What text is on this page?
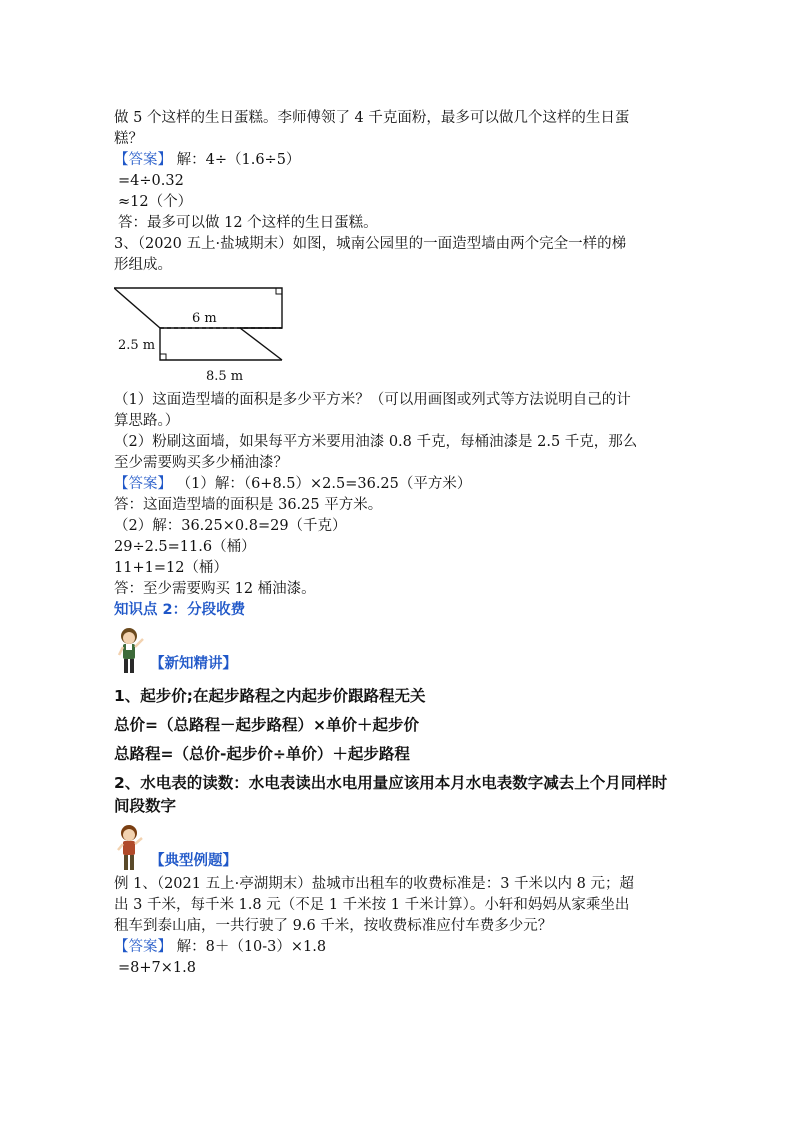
做 5 个这样的生日蛋糕。李师傅领了 4 千克面粉，最多可以做几个这样的生日蛋
糕？
【答案】 解：4÷（1.6÷5）
=4÷0.32
≈12（个）
答：最多可以做 12 个这样的生日蛋糕。
3、（2020 五上·盐城期末）如图，城南公园里的一面造型墙由两个完全一样的梯
形组成。
6 m
2.5 m
8.5 m
（1）这面造型墙的面积是多少平方米？（可以用画图或列式等方法说明自己的计
算思路。）
（2）粉刷这面墙，如果每平方米要用油漆 0.8 千克，每桶油漆是 2.5 千克，那么
至少需要购买多少桶油漆？
【答案】 （1）解：（6+8.5）×2.5=36.25（平方米）
答：这面造型墙的面积是 36.25 平方米。
（2）解：36.25×0.8=29（千克）
29÷2.5=11.6（桶）
11+1=12（桶）
答：至少需要购买 12 桶油漆。
知识点 2：分段收费
【新知精讲】
1、起步价;在起步路程之内起步价跟路程无关
总价=（总路程－起步路程）×单价＋起步价
总路程=（总价-起步价÷单价）＋起步路程
2、水电表的读数：水电表读出水电用量应该用本月水电表数字减去上个月同样时
间段数字
【典型例题】
例 1、（2021 五上·亭湖期末）盐城市出租车的收费标准是：3 千米以内 8 元；超
出 3 千米，每千米 1.8 元（不足 1 千米按 1 千米计算）。小轩和妈妈从家乘坐出
租车到泰山庙，一共行驶了 9.6 千米，按收费标准应付车费多少元？
【答案】 解：8＋（10-3）×1.8
=8+7×1.8
